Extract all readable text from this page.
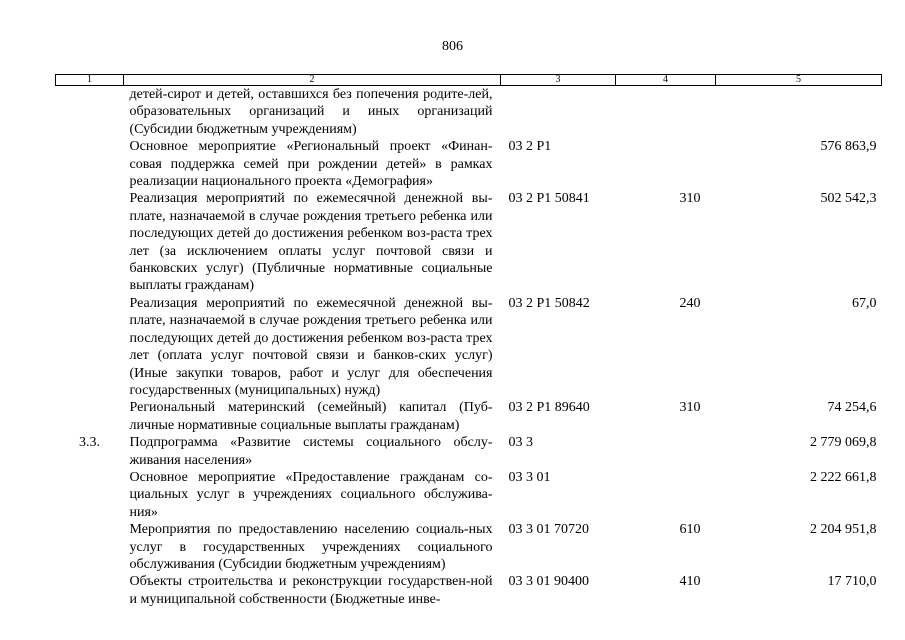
806
1	2	3	4	5
	детей-сирот и детей, оставшихся без попечения родите-лей, образовательных организаций и иных организаций (Субсидии бюджетным учреждениям)			
	Основное мероприятие «Региональный проект «Финан-совая поддержка семей при рождении детей» в рамках реализации национального проекта «Демография»	03 2 Р1		576 863,9
	Реализация мероприятий по ежемесячной денежной вы-плате, назначаемой в случае рождения третьего ребенка или последующих детей до достижения ребенком воз-раста трех лет (за исключением оплаты услуг почтовой связи и банковских услуг) (Публичные нормативные социальные выплаты гражданам)	03 2 Р1 50841	310	502 542,3
	Реализация мероприятий по ежемесячной денежной вы-плате, назначаемой в случае рождения третьего ребенка или последующих детей до достижения ребенком воз-раста трех лет (оплата услуг почтовой связи и банков-ских услуг) (Иные закупки товаров, работ и услуг для обеспечения государственных (муниципальных) нужд)	03 2 Р1 50842	240	67,0
	Региональный материнский (семейный) капитал (Пуб-личные нормативные социальные выплаты гражданам)	03 2 Р1 89640	310	74 254,6
3.3.	Подпрограмма «Развитие системы социального обслу-живания населения»	03 3		2 779 069,8
	Основное мероприятие «Предоставление гражданам со-циальных услуг в учреждениях социального обслужива-ния»	03 3 01		2 222 661,8
	Мероприятия по предоставлению населению социаль-ных услуг в государственных учреждениях социального обслуживания (Субсидии бюджетным учреждениям)	03 3 01 70720	610	2 204 951,8
	Объекты строительства и реконструкции государствен-ной и муниципальной собственности (Бюджетные инве-	03 3 01 90400	410	17 710,0
